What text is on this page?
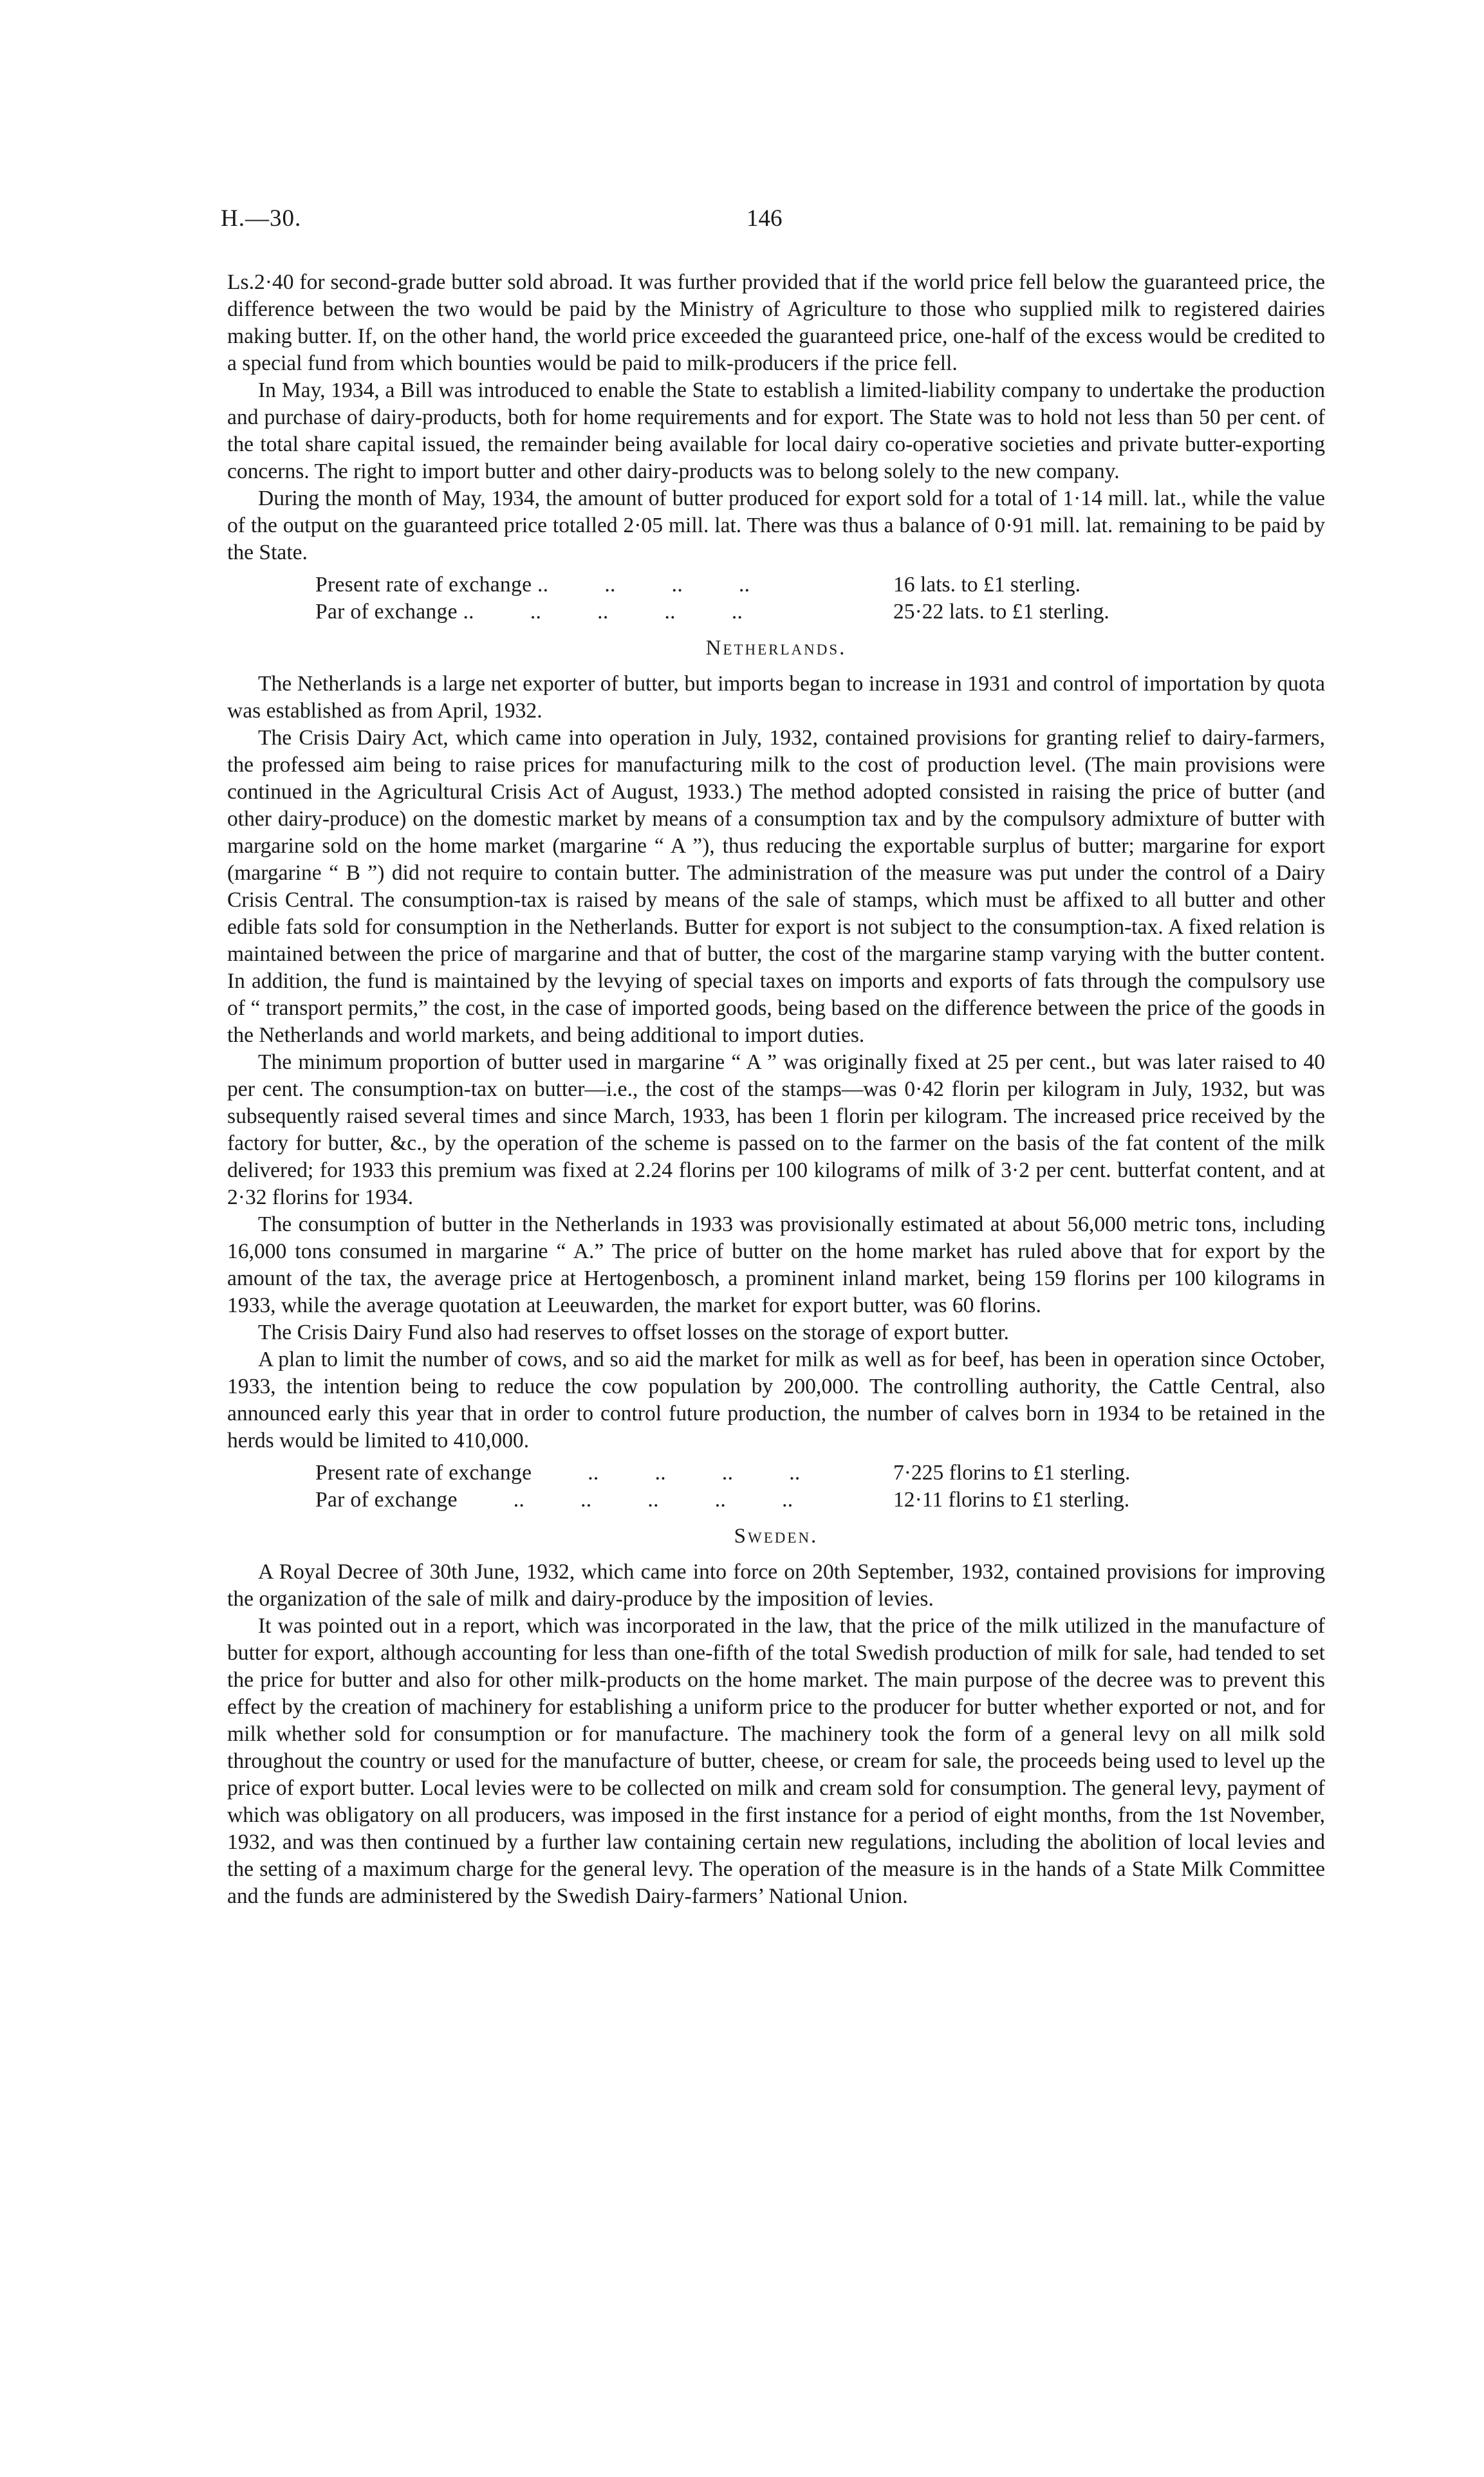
H.—30.	146

Ls.2·40 for second-grade butter sold abroad. It was further provided that if the world price fell below the guaranteed price, the difference between the two would be paid by the Ministry of Agriculture to those who supplied milk to registered dairies making butter. If, on the other hand, the world price exceeded the guaranteed price, one-half of the excess would be credited to a special fund from which bounties would be paid to milk-producers if the price fell.

In May, 1934, a Bill was introduced to enable the State to establish a limited-liability company to undertake the production and purchase of dairy-products, both for home requirements and for export. The State was to hold not less than 50 per cent. of the total share capital issued, the remainder being available for local dairy co-operative societies and private butter-exporting concerns. The right to import butter and other dairy-products was to belong solely to the new company.

During the month of May, 1934, the amount of butter produced for export sold for a total of 1·14 mill. lat., while the value of the output on the guaranteed price totalled 2·05 mill. lat. There was thus a balance of 0·91 mill. lat. remaining to be paid by the State.

Present rate of exchange ..          ..          ..          ..	16 lats. to £1 sterling.
Par of exchange ..          ..          ..          ..          ..	25·22 lats. to £1 sterling.
Netherlands.

The Netherlands is a large net exporter of butter, but imports began to increase in 1931 and control of importation by quota was established as from April, 1932.

The Crisis Dairy Act, which came into operation in July, 1932, contained provisions for granting relief to dairy-farmers, the professed aim being to raise prices for manufacturing milk to the cost of production level. (The main provisions were continued in the Agricultural Crisis Act of August, 1933.) The method adopted consisted in raising the price of butter (and other dairy-produce) on the domestic market by means of a consumption tax and by the compulsory admixture of butter with margarine sold on the home market (margarine “ A ”), thus reducing the exportable surplus of butter; margarine for export (margarine “ B ”) did not require to contain butter. The administration of the measure was put under the control of a Dairy Crisis Central. The consumption-tax is raised by means of the sale of stamps, which must be affixed to all butter and other edible fats sold for consumption in the Netherlands. Butter for export is not subject to the consumption-tax. A fixed relation is maintained between the price of margarine and that of butter, the cost of the margarine stamp varying with the butter content. In addition, the fund is maintained by the levying of special taxes on imports and exports of fats through the compulsory use of “ transport permits,” the cost, in the case of imported goods, being based on the difference between the price of the goods in the Netherlands and world markets, and being additional to import duties.

The minimum proportion of butter used in margarine “ A ” was originally fixed at 25 per cent., but was later raised to 40 per cent. The consumption-tax on butter—i.e., the cost of the stamps—was 0·42 florin per kilogram in July, 1932, but was subsequently raised several times and since March, 1933, has been 1 florin per kilogram. The increased price received by the factory for butter, &c., by the operation of the scheme is passed on to the farmer on the basis of the fat content of the milk delivered; for 1933 this premium was fixed at 2.24 florins per 100 kilograms of milk of 3·2 per cent. butterfat content, and at 2·32 florins for 1934.

The consumption of butter in the Netherlands in 1933 was provisionally estimated at about 56,000 metric tons, including 16,000 tons consumed in margarine “ A.” The price of butter on the home market has ruled above that for export by the amount of the tax, the average price at Hertogenbosch, a prominent inland market, being 159 florins per 100 kilograms in 1933, while the average quotation at Leeuwarden, the market for export butter, was 60 florins.

The Crisis Dairy Fund also had reserves to offset losses on the storage of export butter.

A plan to limit the number of cows, and so aid the market for milk as well as for beef, has been in operation since October, 1933, the intention being to reduce the cow population by 200,000. The controlling authority, the Cattle Central, also announced early this year that in order to control future production, the number of calves born in 1934 to be retained in the herds would be limited to 410,000.

Present rate of exchange          ..          ..          ..          ..	7·225 florins to £1 sterling.
Par of exchange          ..          ..          ..          ..          ..	12·11 florins to £1 sterling.
Sweden.

A Royal Decree of 30th June, 1932, which came into force on 20th September, 1932, contained provisions for improving the organization of the sale of milk and dairy-produce by the imposition of levies.

It was pointed out in a report, which was incorporated in the law, that the price of the milk utilized in the manufacture of butter for export, although accounting for less than one-fifth of the total Swedish production of milk for sale, had tended to set the price for butter and also for other milk-products on the home market. The main purpose of the decree was to prevent this effect by the creation of machinery for establishing a uniform price to the producer for butter whether exported or not, and for milk whether sold for consumption or for manufacture. The machinery took the form of a general levy on all milk sold throughout the country or used for the manufacture of butter, cheese, or cream for sale, the proceeds being used to level up the price of export butter. Local levies were to be collected on milk and cream sold for consumption. The general levy, payment of which was obligatory on all producers, was imposed in the first instance for a period of eight months, from the 1st November, 1932, and was then continued by a further law containing certain new regulations, including the abolition of local levies and the setting of a maximum charge for the general levy. The operation of the measure is in the hands of a State Milk Committee and the funds are administered by the Swedish Dairy-farmers’ National Union.
